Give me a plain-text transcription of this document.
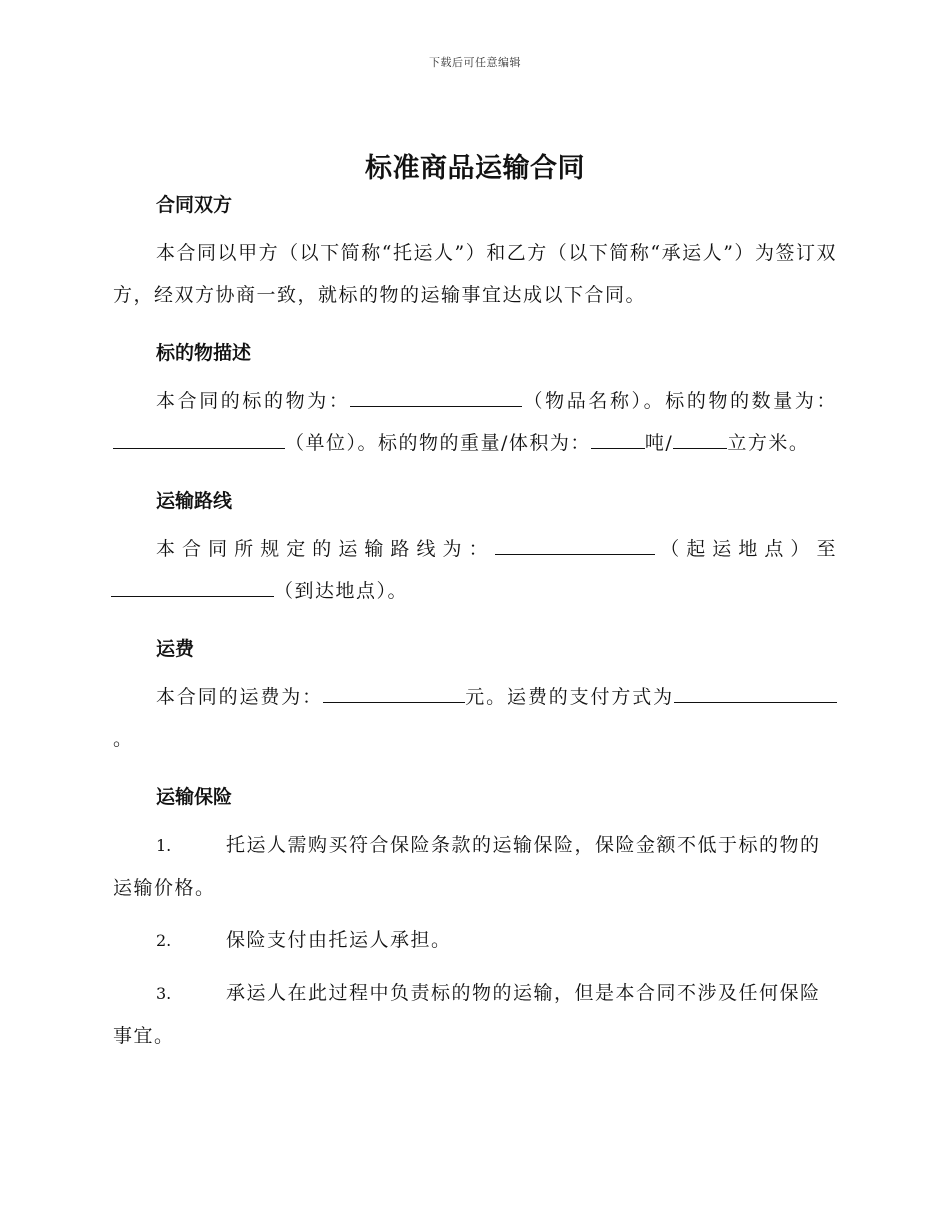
下载后可任意编辑
标准商品运输合同
合同双方

本合同以甲方（以下简称“托运人”）和乙方（以下简称“承运人”）为签订双方，经双方协商一致，就标的物的运输事宜达成以下合同。

标的物描述

本合同的标的物为：	（物品名称）。标的物的数量为：（单位）。标的物的重量/体积为：	吨/	立方米。

运输路线

本合同所规定的运输路线为：	（起运地点）至（到达地点）。

运费

本合同的运费为：	元。运费的支付方式为。

运输保险

1.	托运人需购买符合保险条款的运输保险，保险金额不低于标的物的运输价格。

2.	保险支付由托运人承担。

3.	承运人在此过程中负责标的物的运输，但是本合同不涉及任何保险事宜。
